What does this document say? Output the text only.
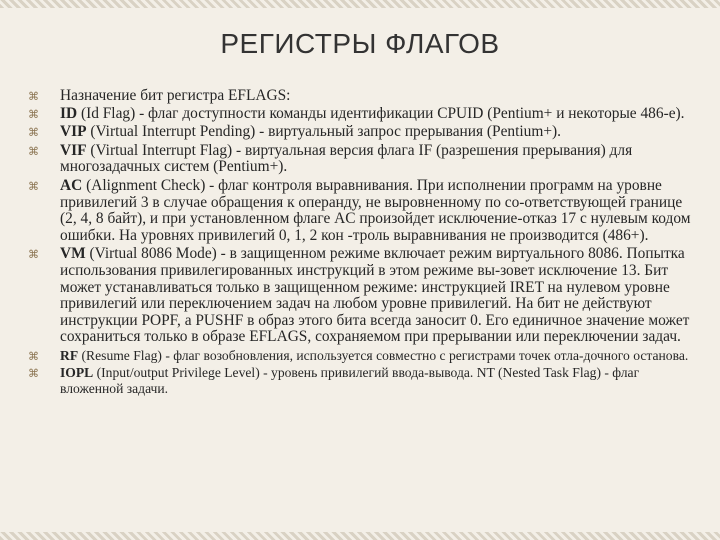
РЕГИСТРЫ ФЛАГОВ
⌘ Назначение бит регистра EFLAGS:
⌘ ID (Id Flag) - флаг доступности команды идентификации CPUID (Pentium+ и некоторые 486-е).
⌘ VIP (Virtual Interrupt Pending) - виртуальный запрос прерывания (Pentium+).
⌘ VIF (Virtual Interrupt Flag) - виртуальная версия флага IF (разрешения прерывания) для многозадачных систем (Pentium+).
⌘ AC (Alignment Check) - флаг контроля выравнивания. При исполнении программ на уровне привилегий 3 в случае обращения к операнду, не выровненному по со-ответствующей границе (2, 4, 8 байт), и при установленном флаге AC произойдет исключение-отказ 17 с нулевым кодом ошибки. На уровнях привилегий 0, 1, 2 кон -троль выравнивания не производится (486+).
⌘ VM (Virtual 8086 Mode) - в защищенном режиме включает режим виртуального 8086. Попытка использования привилегированных инструкций в этом режиме вы-зовет исключение 13. Бит может устанавливаться только в защищенном режиме: инструкцией IRET на нулевом уровне привилегий или переключением задач на любом уровне привилегий. На бит не действуют инструкции POPF, а PUSHF в образ этого бита всегда заносит 0. Его единичное значение может сохраниться только в образе EFLAGS, сохраняемом при прерывании или переключении задач.
⌘ RF (Resume Flag) - флаг возобновления, используется совместно с регистрами точек отла-дочного останова.
⌘ IOPL (Input/output Privilege Level) - уровень привилегий ввода-вывода. NT (Nested Task Flag) - флаг вложенной задачи.
